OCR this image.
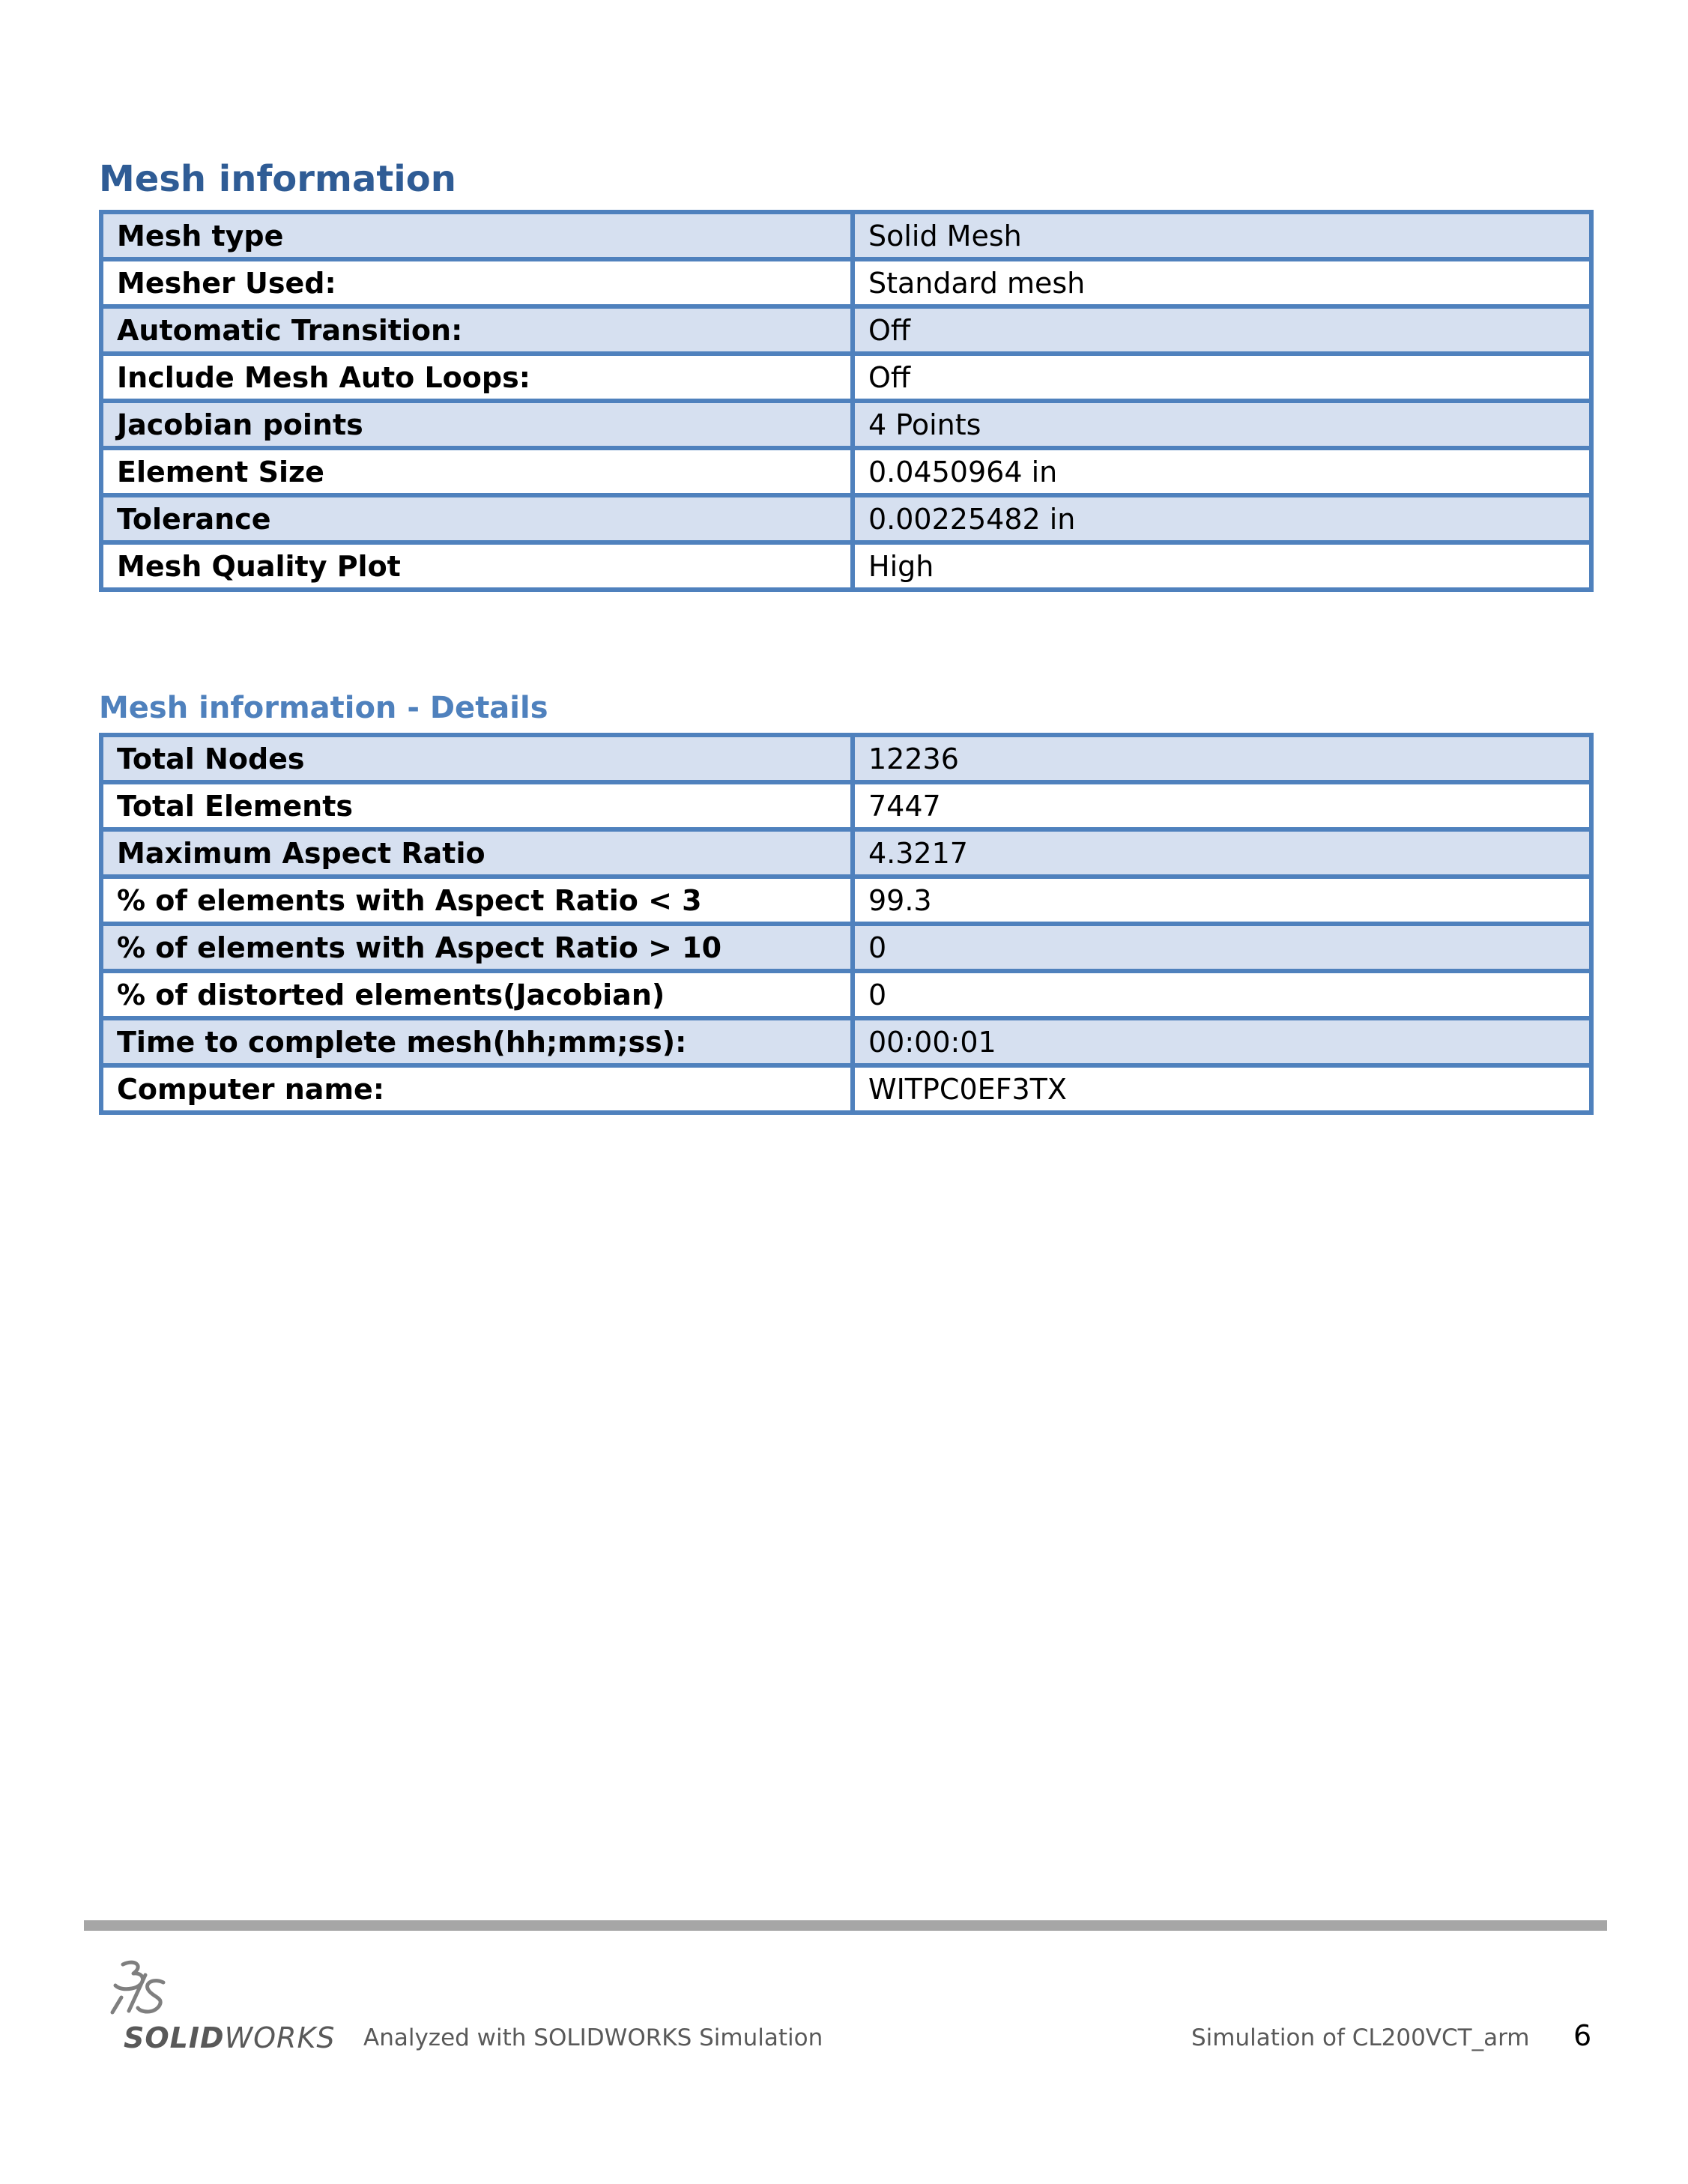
Mesh information
Mesh type	Solid Mesh
Mesher Used:	Standard mesh
Automatic Transition:	Off
Include Mesh Auto Loops:	Off
Jacobian points	4 Points
Element Size	0.0450964 in
Tolerance	0.00225482 in
Mesh Quality Plot	High
Mesh information - Details
Total Nodes	12236
Total Elements	7447
Maximum Aspect Ratio	4.3217
% of elements with Aspect Ratio < 3	99.3
% of elements with Aspect Ratio > 10	0
% of distorted elements(Jacobian)	0
Time to complete mesh(hh;mm;ss):	00:00:01
Computer name:	WITPC0EF3TX

SOLIDWORKS Analyzed with SOLIDWORKS Simulation	Simulation of CL200VCT_arm 6
